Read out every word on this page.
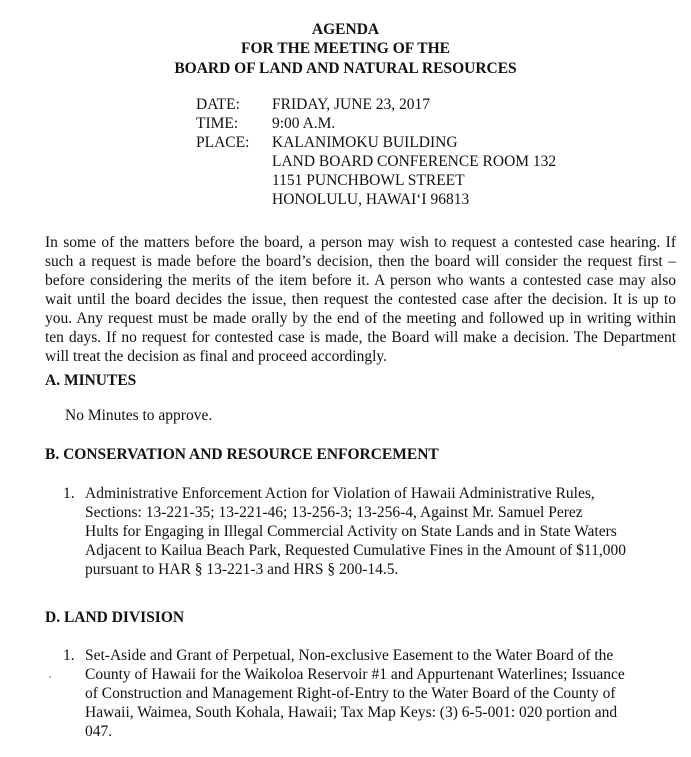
AGENDA
FOR THE MEETING OF THE
BOARD OF LAND AND NATURAL RESOURCES
DATE:	FRIDAY, JUNE 23, 2017
TIME:	9:00 A.M.
PLACE:	KALANIMOKU BUILDING
LAND BOARD CONFERENCE ROOM 132
1151 PUNCHBOWL STREET
HONOLULU, HAWAI‘I 96813
In some of the matters before the board, a person may wish to request a contested case hearing. If such a request is made before the board’s decision, then the board will consider the request first – before considering the merits of the item before it. A person who wants a contested case may also wait until the board decides the issue, then request the contested case after the decision. It is up to you. Any request must be made orally by the end of the meeting and followed up in writing within ten days. If no request for contested case is made, the Board will make a decision. The Department will treat the decision as final and proceed accordingly.
A. MINUTES
No Minutes to approve.
B. CONSERVATION AND RESOURCE ENFORCEMENT
1. Administrative Enforcement Action for Violation of Hawaii Administrative Rules,
Sections: 13-221-35; 13-221-46; 13-256-3; 13-256-4, Against Mr. Samuel Perez
Hults for Engaging in Illegal Commercial Activity on State Lands and in State Waters
Adjacent to Kailua Beach Park, Requested Cumulative Fines in the Amount of $11,000
pursuant to HAR § 13-221-3 and HRS § 200-14.5.
D. LAND DIVISION
1. Set-Aside and Grant of Perpetual, Non-exclusive Easement to the Water Board of the
County of Hawaii for the Waikoloa Reservoir #1 and Appurtenant Waterlines; Issuance
of Construction and Management Right-of-Entry to the Water Board of the County of
Hawaii, Waimea, South Kohala, Hawaii; Tax Map Keys: (3) 6-5-001: 020 portion and
047.
